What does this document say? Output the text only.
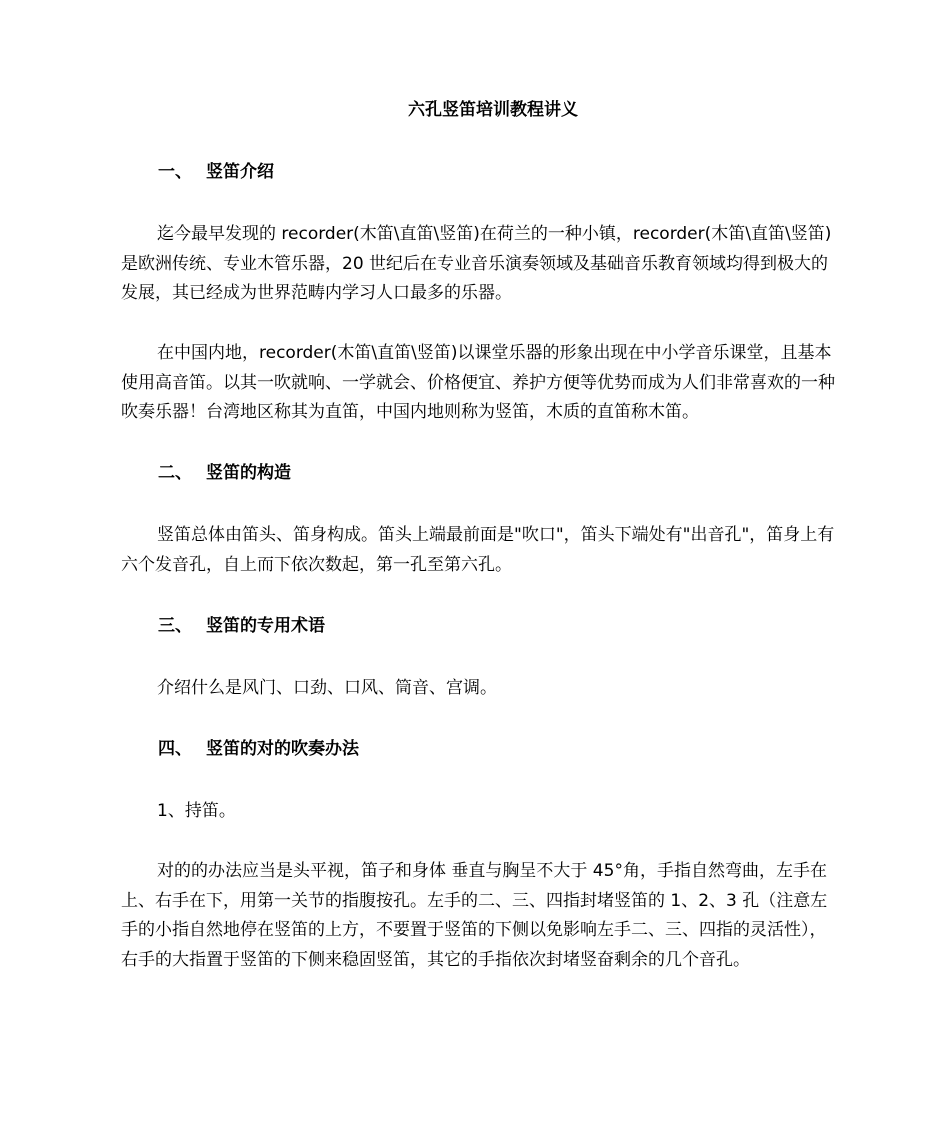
六孔竖笛培训教程讲义
一、 竖笛介绍

迄今最早发现的 recorder(木笛\直笛\竖笛)在荷兰的一种小镇，recorder(木笛\直笛\竖笛)是欧洲传统、专业木管乐器，20 世纪后在专业音乐演奏领域及基础音乐教育领域均得到极大的发展，其已经成为世界范畴内学习人口最多的乐器。

在中国内地，recorder(木笛\直笛\竖笛)以课堂乐器的形象出现在中小学音乐课堂，且基本使用高音笛。以其一吹就响、一学就会、价格便宜、养护方便等优势而成为人们非常喜欢的一种吹奏乐器！台湾地区称其为直笛，中国内地则称为竖笛，木质的直笛称木笛。

二、 竖笛的构造

竖笛总体由笛头、笛身构成。笛头上端最前面是"吹口"，笛头下端处有"出音孔"，笛身上有六个发音孔，自上而下依次数起，第一孔至第六孔。

三、 竖笛的专用术语

介绍什么是风门、口劲、口风、筒音、宫调。

四、 竖笛的对的吹奏办法

1、持笛。

对的的办法应当是头平视，笛子和身体 垂直与胸呈不大于 45°角，手指自然弯曲，左手在上、右手在下，用第一关节的指腹按孔。左手的二、三、四指封堵竖笛的 1、2、3 孔（注意左手的小指自然地停在竖笛的上方，不要置于竖笛的下侧以免影响左手二、三、四指的灵活性），右手的大指置于竖笛的下侧来稳固竖笛，其它的手指依次封堵竖奋剩余的几个音孔。
